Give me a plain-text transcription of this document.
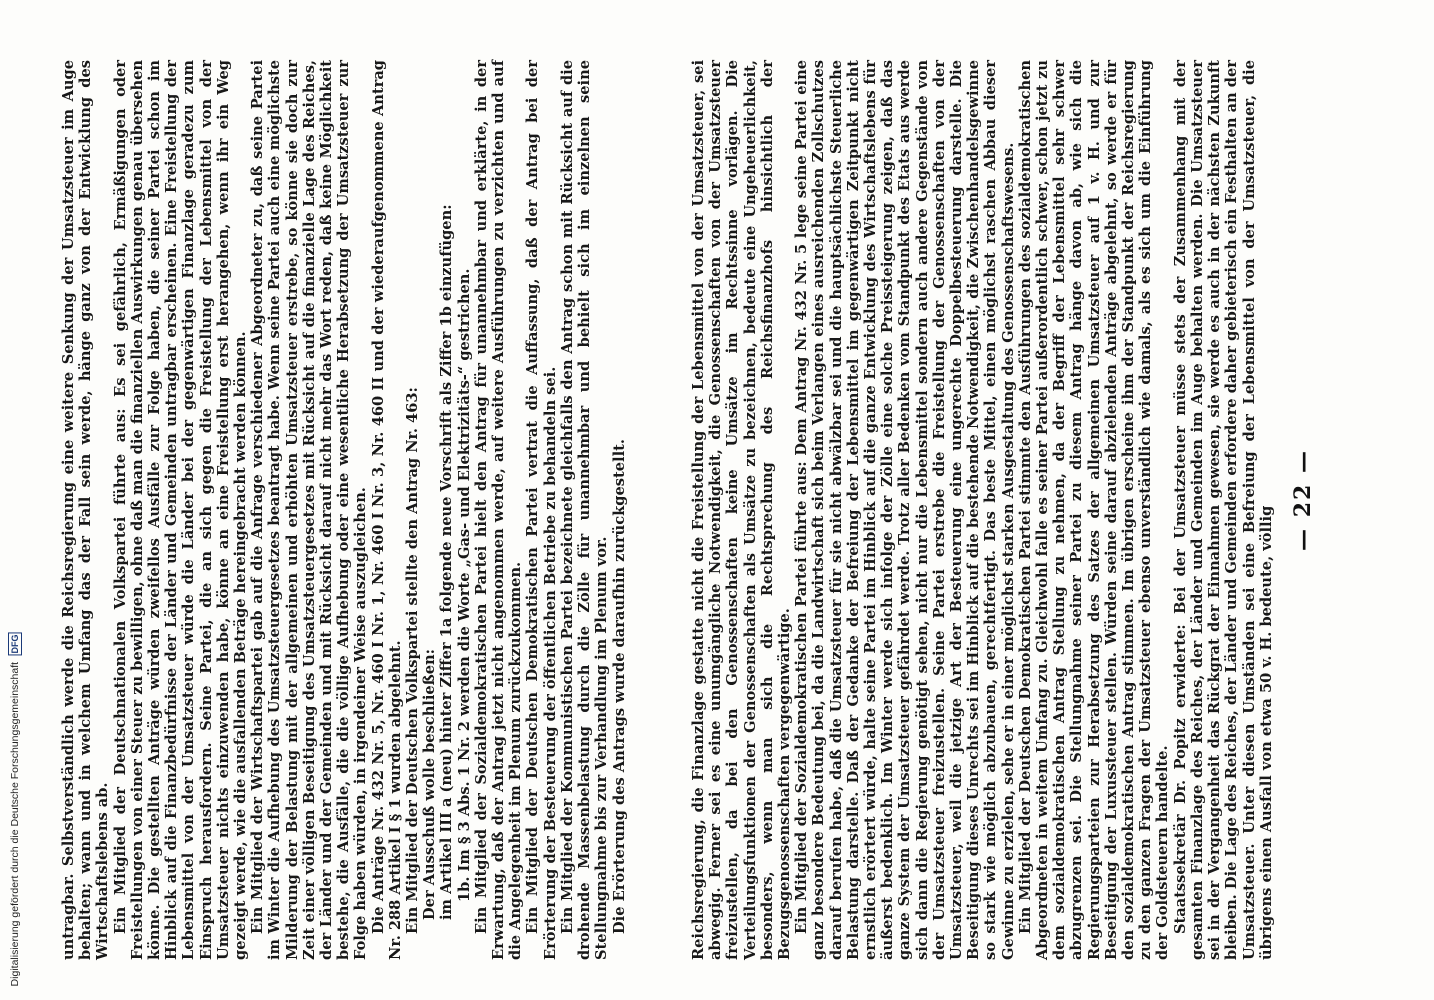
— 22 —

untragbar. Selbstverständlich werde die Reichsregierung eine weitere Senkung der Umsatzsteuer im Auge behalten; wann und in welchem Umfang das der Fall sein werde, hänge ganz von der Entwicklung des Wirtschaftslebens ab. Ein Mitglied der Deutschnationalen Volkspartei führte aus: Es sei gefährlich, Ermäßigungen oder Freistellungen von einer Steuer zu bewilligen, ohne daß man die finanziellen Auswirkungen genau übersehen könne. Die gestellten Anträge würden zweifellos Ausfälle zur Folge haben, die seiner Partei schon im Hinblick auf die Finanzbedürfnisse der Länder und Gemeinden untragbar erscheinen. Eine Freistellung der Lebensmittel von der Umsatzsteuer würde die Länder bei der gegenwärtigen Finanzlage geradezu zum Einspruch herausfordern. Seine Partei, die an sich gegen die Freistellung der Lebensmittel von der Umsatzsteuer nichts einzuwenden habe, könne an eine Freistellung erst herangehen, wenn ihr ein Weg gezeigt werde, wie die ausfallenden Beträge hereingebracht werden können. Ein Mitglied der Wirtschaftspartei gab auf die Anfrage verschiedener Abgeordneter zu, daß seine Partei im Winter die Aufhebung des Umsatzsteuergesetzes beantragt habe. Wenn seine Partei auch eine möglichste Milderung der Belastung mit der allgemeinen und erhöhten Umsatzsteuer erstrebe, so könne sie doch zur Zeit einer völligen Beseitigung des Umsatzsteuergesetzes mit Rücksicht auf die finanzielle Lage des Reiches, der Länder und der Gemeinden und mit Rücksicht darauf nicht mehr das Wort reden, daß keine Möglichkeit bestehe, die Ausfälle, die die völlige Aufhebung oder eine wesentliche Herabsetzung der Umsatzsteuer zur Folge haben würden, in irgendeiner Weise auszugleichen. Die Anträge Nr. 432 Nr. 5, Nr. 460 I Nr. 1, Nr. 460 I Nr. 3, Nr. 460 II und der wiederaufgenommene Antrag Nr. 288 Artikel I § 1 wurden abgelehnt. Ein Mitglied der Deutschen Volkspartei stellte den Antrag Nr. 463: Der Ausschuß wolle beschließen: im Artikel III a (neu) hinter Ziffer 1a folgende neue Vorschrift als Ziffer 1b einzufügen: 1b. Im § 3 Abs. 1 Nr. 2 werden die Worte „Gas- und Elektrizitäts-“ gestrichen. Ein Mitglied der Sozialdemokratischen Partei hielt den Antrag für unannehmbar und erklärte, in der Erwartung, daß der Antrag jetzt nicht angenommen werde, auf weitere Ausführungen zu verzichten und auf die Angelegenheit im Plenum zurückzukommen. Ein Mitglied der Deutschen Demokratischen Partei vertrat die Auffassung, daß der Antrag bei der Erörterung der Besteuerung der öffentlichen Betriebe zu behandeln sei. Ein Mitglied der Kommunistischen Partei bezeichnete gleichfalls den Antrag schon mit Rücksicht auf die drohende Massenbelastung durch die Zölle für unannehmbar und behielt sich im einzelnen seine Stellungnahme bis zur Verhandlung im Plenum vor. Die Erörterung des Antrags wurde daraufhin zurückgestellt.	Reichsregierung, die Finanzlage gestatte nicht die Freistellung der Lebensmittel von der Umsatzsteuer, sei abwegig. Ferner sei es eine unumgängliche Notwendigkeit, die Genossenschaften von der Umsatzsteuer freizustellen, da bei den Genossenschaften keine Umsätze im Rechtssinne vorlägen. Die Verteilungsfunktionen der Genossenschaften als Umsätze zu bezeichnen, bedeute eine Ungeheuerlichkeit, besonders, wenn man sich die Rechtsprechung des Reichsfinanzhofs hinsichtlich der Bezugsgenossenschaften vergegenwärtige. Ein Mitglied der Sozialdemokratischen Partei führte aus: Dem Antrag Nr. 432 Nr. 5 lege seine Partei eine ganz besondere Bedeutung bei, da die Landwirtschaft sich beim Verlangen eines ausreichenden Zollschutzes darauf berufen habe, daß die Umsatzsteuer für sie nicht abwälzbar sei und die hauptsächlichste Steuerliche Belastung darstelle. Daß der Gedanke der Befreiung der Lebensmittel im gegenwärtigen Zeitpunkt nicht ernstlich erörtert würde, halte seine Partei im Hinblick auf die ganze Entwicklung des Wirtschaftslebens für äußerst bedenklich. Im Winter werde sich infolge der Zölle eine solche Preissteigerung zeigen, daß das ganze System der Umsatzsteuer gefährdet werde. Trotz aller Bedenken vom Standpunkt des Etats aus werde sich dann die Regierung genötigt sehen, nicht nur die Lebensmittel sondern auch andere Gegenstände von der Umsatzsteuer freizustellen. Seine Partei erstrebe die Freistellung der Genossenschaften von der Umsatzsteuer, weil die jetzige Art der Besteuerung eine ungerechte Doppelbesteuerung darstelle. Die Beseitigung dieses Unrechts sei im Hinblick auf die bestehende Notwendigkeit, die Zwischenhandelsgewinne so stark wie möglich abzubauen, gerechtfertigt. Das beste Mittel, einen möglichst raschen Abbau dieser Gewinne zu erzielen, sehe er in einer möglichst starken Ausgestaltung des Genossenschaftswesens. Ein Mitglied der Deutschen Demokratischen Partei stimmte den Ausführungen des sozialdemokratischen Abgeordneten in weitem Umfang zu. Gleichwohl falle es seiner Partei außerordentlich schwer, schon jetzt zu dem sozialdemokratischen Antrag Stellung zu nehmen, da der Begriff der Lebensmittel sehr schwer abzugrenzen sei. Die Stellungnahme seiner Partei zu diesem Antrag hänge davon ab, wie sich die Regierungsparteien zur Herabsetzung des Satzes der allgemeinen Umsatzsteuer auf 1 v. H. und zur Beseitigung der Luxussteuer stellen. Würden seine darauf abzielenden Anträge abgelehnt, so werde er für den sozialdemokratischen Antrag stimmen. Im übrigen erscheine ihm der Standpunkt der Reichsregierung zu den ganzen Fragen der Umsatzsteuer ebenso unverständlich wie damals, als es sich um die Einführung der Goldsteuern handelte. Staatssekretär Dr. Popitz erwiderte: Bei der Umsatzsteuer müsse stets der Zusammenhang mit der gesamten Finanzlage des Reiches, der Länder und Gemeinden im Auge behalten werden. Die Umsatzsteuer sei in der Vergangenheit das Rückgrat der Einnahmen gewesen, sie werde es auch in der nächsten Zukunft bleiben. Die Lage des Reiches, der Länder und Gemeinden erfordere daher gebieterisch ein Festhalten an der Umsatzsteuer. Unter diesen Umständen sei eine Befreiung der Lebensmittel von der Umsatzsteuer, die übrigens einen Ausfall von etwa 50 v. H. bedeute, völlig

Digitalisierung gefördert durch die Deutsche Forschungsgemeinschaft DFG
